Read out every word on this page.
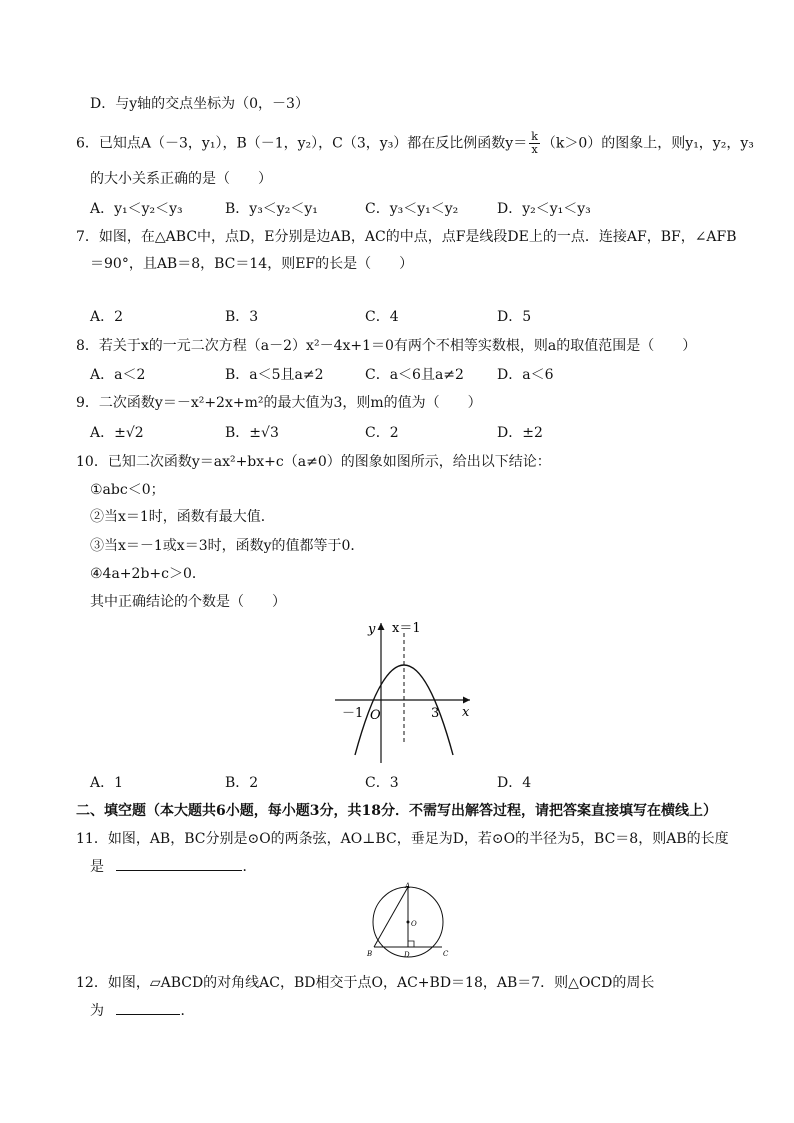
D．与y轴的交点坐标为（0，－3）
6．已知点A（－3，y₁），B（－1，y₂），C（3，y₃）都在反比例函数$y= \frac{k}{x} (k>0)$的图象上，则y₁，y₂，y₃
的大小关系正确的是（　　）
A．y₁＜y₂＜y₃	B．y₃＜y₂＜y₁	C．y₃＜y₁＜y₂	D．y₂＜y₁＜y₃
7．如图，在△ABC中，点D，E分别是边AB，AC的中点，点F是线段DE上的一点．连接AF，BF，∠AFB
＝90°，且AB＝8，BC＝14，则EF的长是（　　）
A．2	B．3	C．4	D．5
8．若关于x的一元二次方程（a－2）x²－4x+1＝0有两个不相等实数根，则a的取值范围是（　　）
A．a＜2	B．a＜5且a≠2	C．a＜6且a≠2 D．a＜6
9．二次函数y＝－x²+2x+m²的最大值为3，则m的值为（　　）
A．±√2	B．±√3	C．2	D．±2
10．已知二次函数y＝ax²+bx+c（a≠0）的图象如图所示，给出以下结论：
①abc＜0；
②当x＝1时，函数有最大值．
③当x＝－1或x＝3时，函数y的值都等于0．
④4a+2b+c＞0．
其中正确结论的个数是（　　）
y x＝1
x
－1 O	3
A．1	B．2	C．3	D．4
二、填空题（本大题共6小题，每小题3分，共18分．不需写出解答过程，请把答案直接填写在横线上）
11．如图，AB，BC分别是⊙O的两条弦，AO⊥BC，垂足为D，若⊙O的半径为5，BC＝8，则AB的长度
是	．
A
O
B	D	C
12．如图，▱ABCD的对角线AC，BD相交于点O，AC+BD＝18，AB＝7．则△OCD的周长
为	．
